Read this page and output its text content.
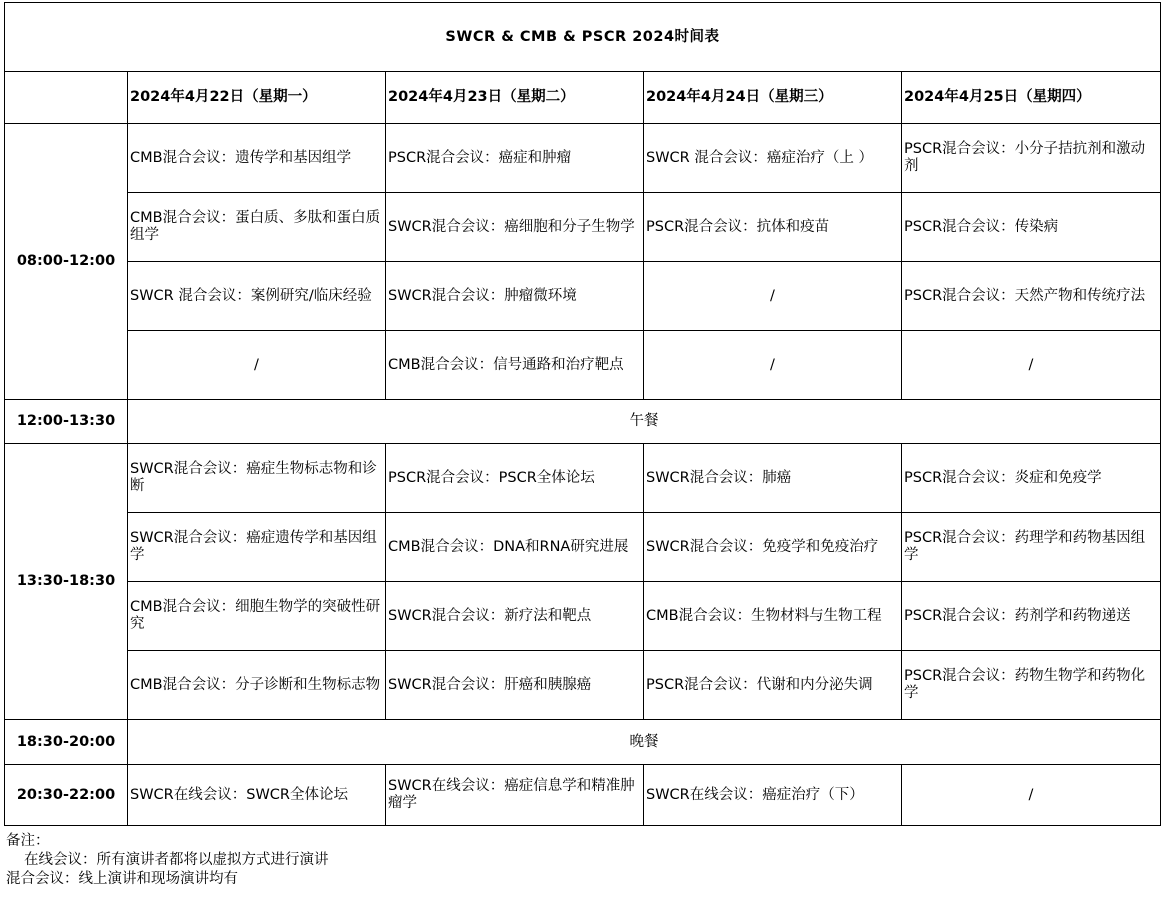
SWCR & CMB & PSCR 2024时间表				
	2024年4月22日（星期一）	2024年4月23日（星期二）	2024年4月24日（星期三）	2024年4月25日（星期四）
08:00-12:00	CMB混合会议：遗传学和基因组学	PSCR混合会议：癌症和肿瘤	SWCR 混合会议：癌症治疗（上 ）	PSCR混合会议：小分子拮抗剂和激动剂
	CMB混合会议：蛋白质、多肽和蛋白质组学	SWCR混合会议：癌细胞和分子生物学	PSCR混合会议：抗体和疫苗	PSCR混合会议：传染病
	SWCR 混合会议：案例研究/临床经验	SWCR混合会议：肿瘤微环境	/	PSCR混合会议：天然产物和传统疗法
	/	CMB混合会议：信号通路和治疗靶点	/	/
12:00-13:30	午餐			
13:30-18:30	SWCR混合会议：癌症生物标志物和诊断	PSCR混合会议：PSCR全体论坛	SWCR混合会议：肺癌	PSCR混合会议：炎症和免疫学
	SWCR混合会议：癌症遗传学和基因组学	CMB混合会议：DNA和RNA研究进展	SWCR混合会议：免疫学和免疫治疗	PSCR混合会议：药理学和药物基因组学
	CMB混合会议：细胞生物学的突破性研究	SWCR混合会议：新疗法和靶点	CMB混合会议：生物材料与生物工程	PSCR混合会议：药剂学和药物递送
	CMB混合会议：分子诊断和生物标志物	SWCR混合会议：肝癌和胰腺癌	PSCR混合会议：代谢和内分泌失调	PSCR混合会议：药物生物学和药物化学
18:30-20:00	晚餐			
20:30-22:00	SWCR在线会议：SWCR全体论坛	SWCR在线会议：癌症信息学和精准肿瘤学	SWCR在线会议：癌症治疗（下）	/
备注：
在线会议：所有演讲者都将以虚拟方式进行演讲
混合会议：线上演讲和现场演讲均有
